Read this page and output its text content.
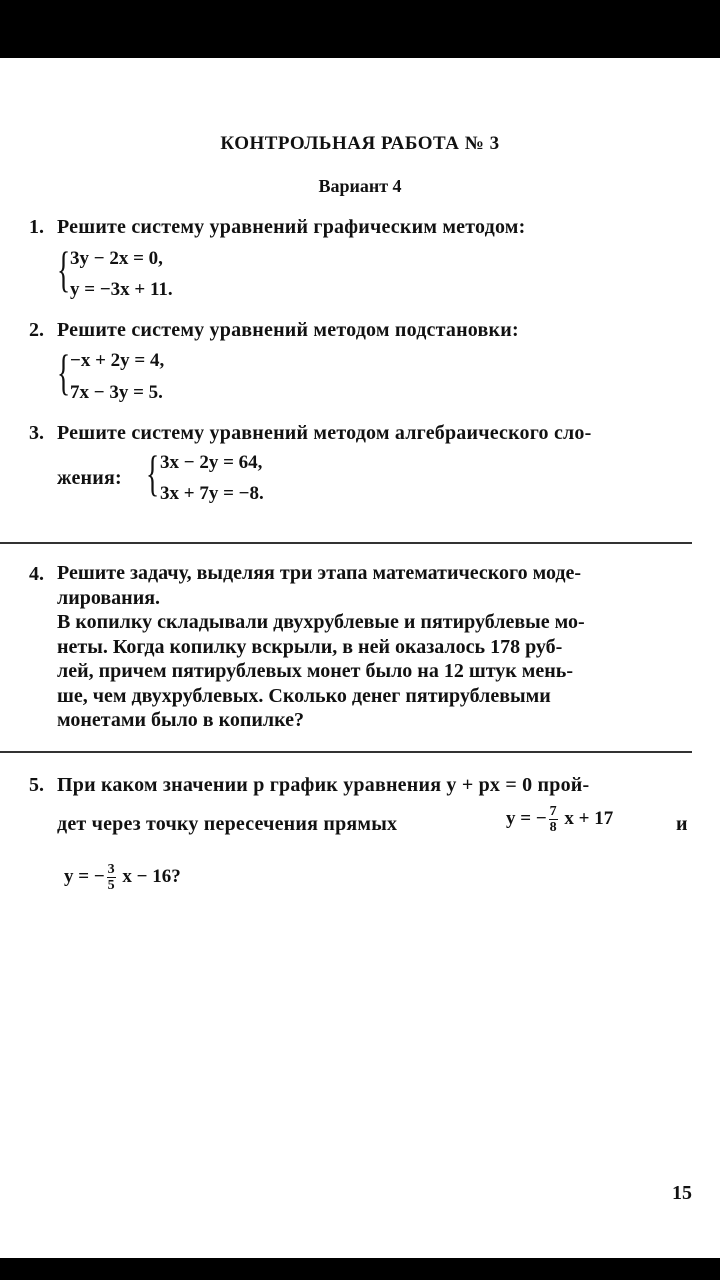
КОНТРОЛЬНАЯ РАБОТА № 3
Вариант 4
1. Решите систему уравнений графическим методом:
{ 3y − 2x = 0,
y = −3x + 11.
2. Решите систему уравнений методом подстановки:
{ −x + 2y = 4,
7x − 3y = 5.
3. Решите систему уравнений методом алгебраического сло-
жения: { 3x − 2y = 64,
3x + 7y = −8.
4. Решите задачу, выделяя три этапа математического моде-
лирования.
В копилку складывали двухрублевые и пятирублевые мо-
неты. Когда копилку вскрыли, в ней оказалось 178 руб-
лей, причем пятирублевых монет было на 12 штук мень-
ше, чем двухрублевых. Сколько денег пятирублевыми
монетами было в копилке?
5. При каком значении p график уравнения y + px = 0 прой-
дет через точку пересечения прямых	y = − $\frac{7}{8}$ x + 17	и
y = − $\frac{3}{5}$ x − 16?
15
